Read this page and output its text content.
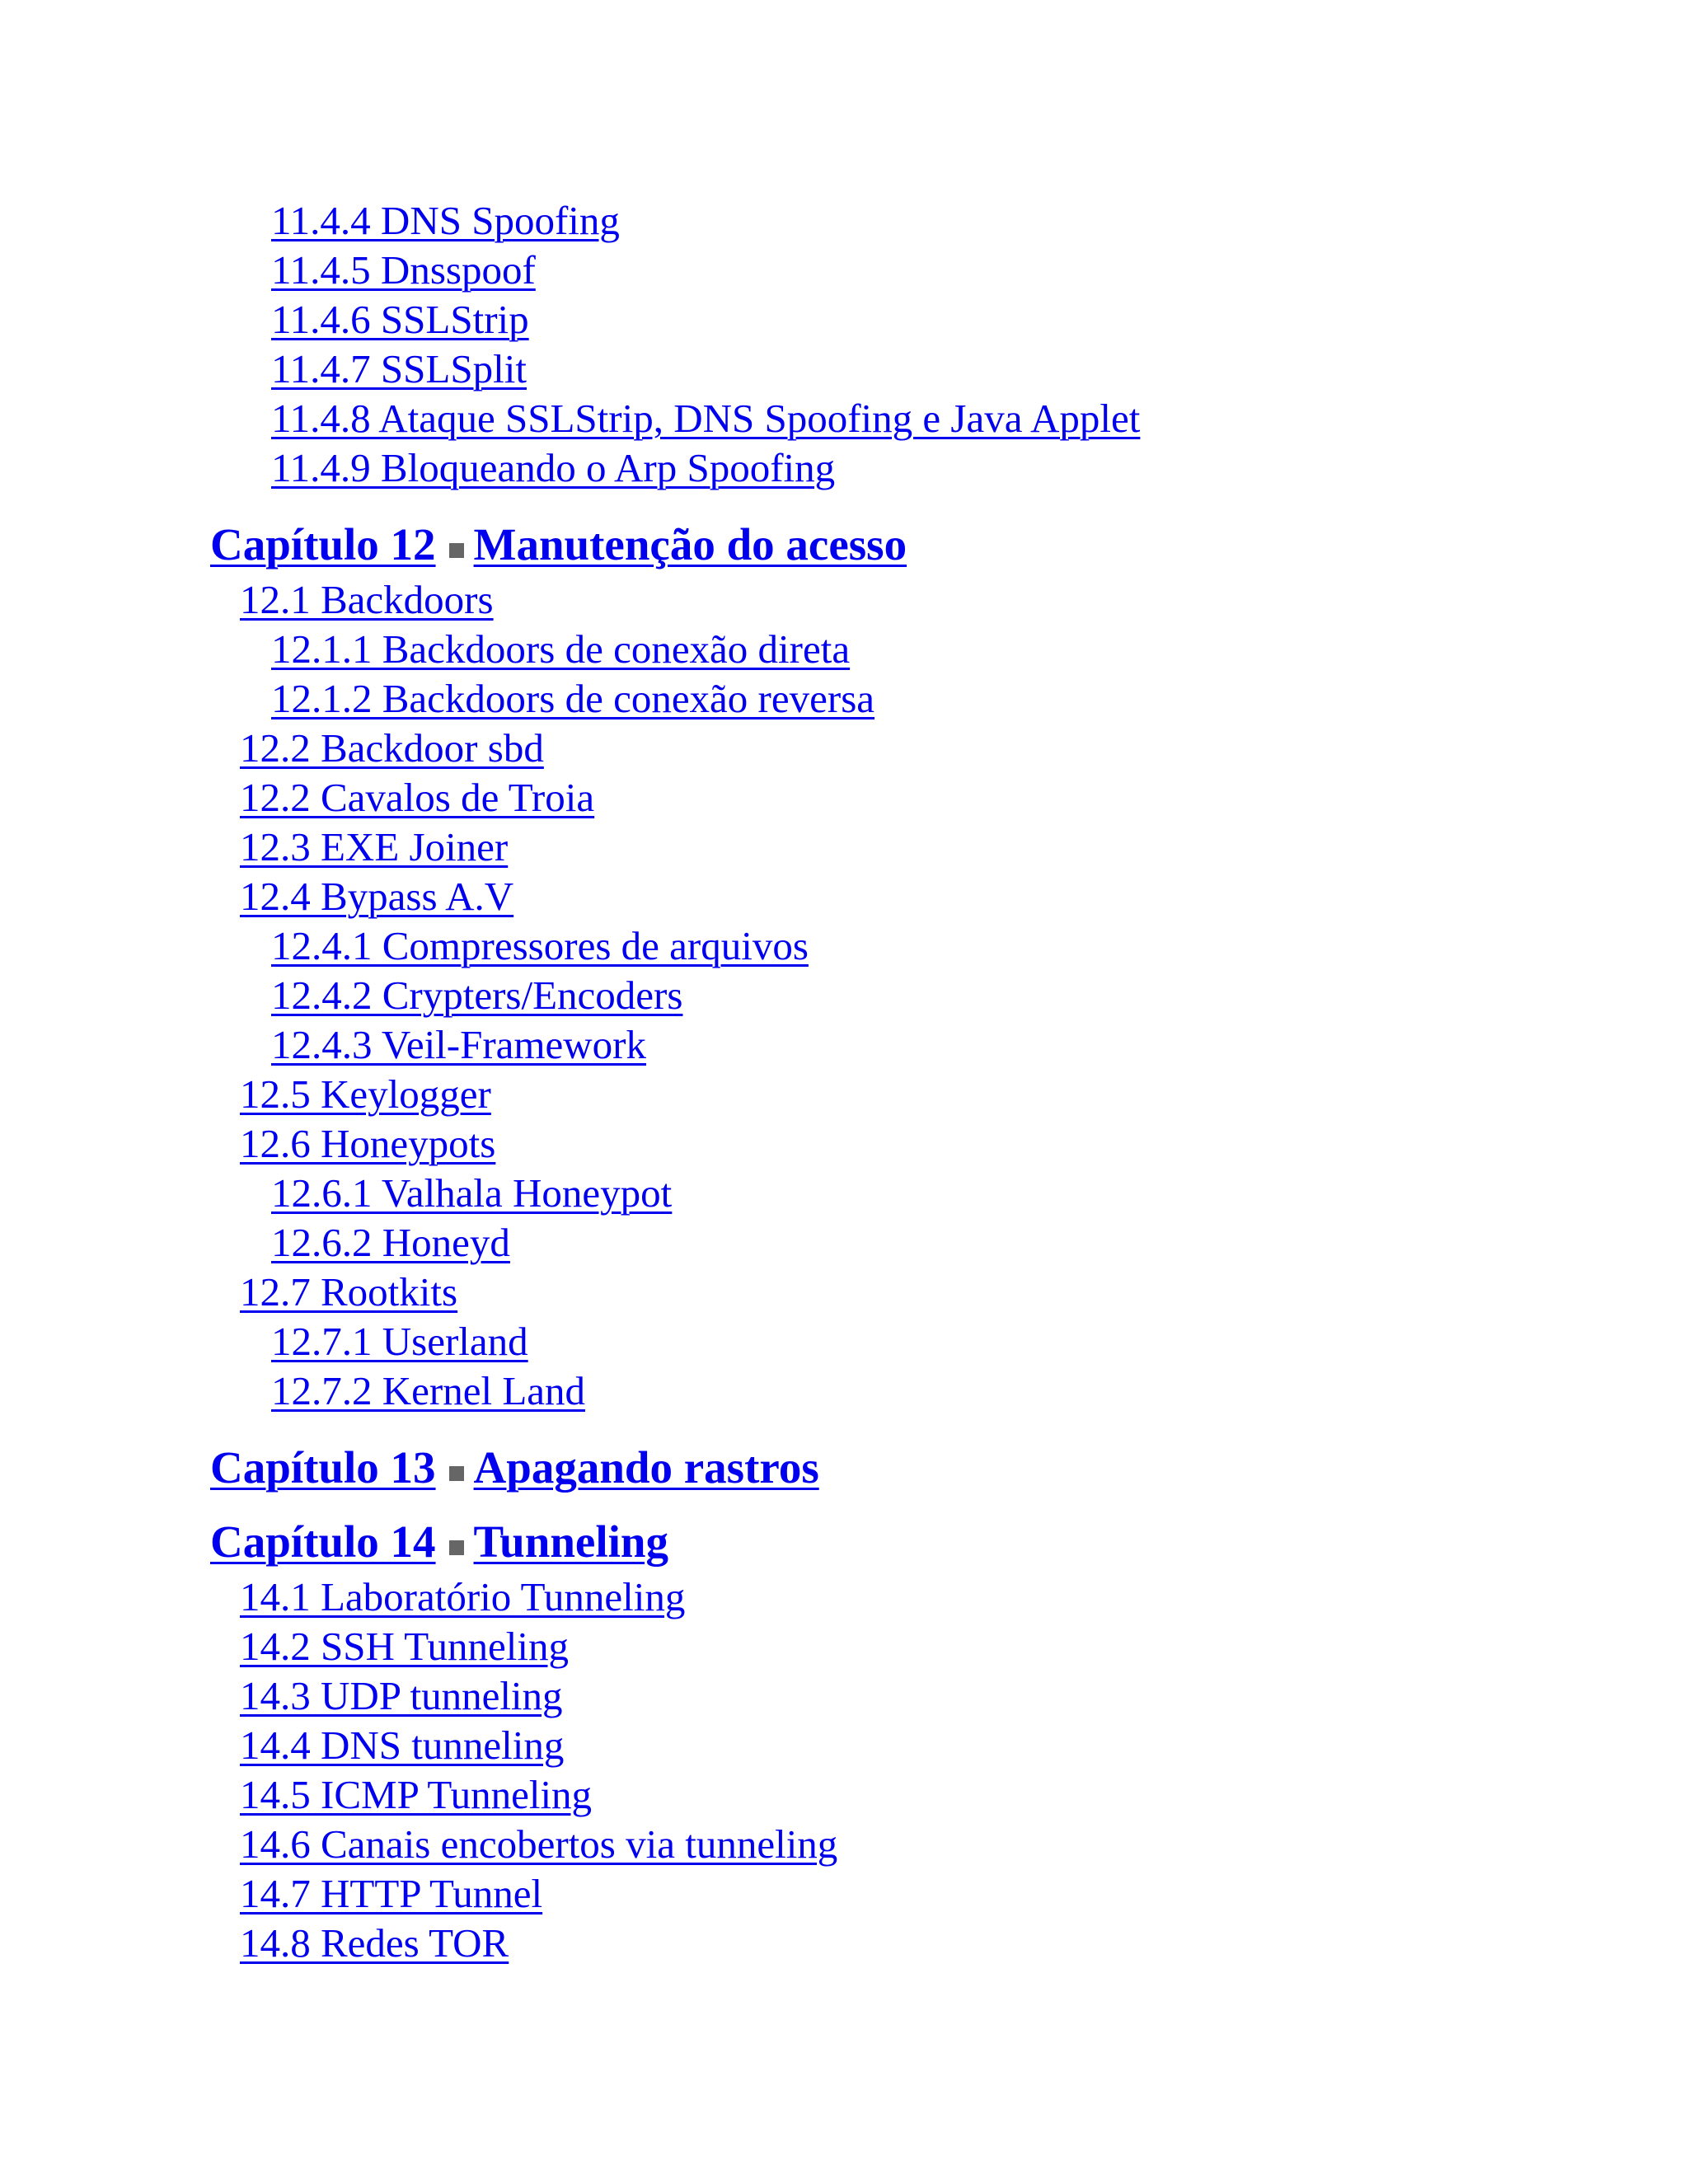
11.4.4 DNS Spoofing
11.4.5 Dnsspoof
11.4.6 SSLStrip
11.4.7 SSLSplit
11.4.8 Ataque SSLStrip, DNS Spoofing e Java Applet
11.4.9 Bloqueando o Arp Spoofing
Capítulo 12 Manutenção do acesso
12.1 Backdoors
12.1.1 Backdoors de conexão direta
12.1.2 Backdoors de conexão reversa
12.2 Backdoor sbd
12.2 Cavalos de Troia
12.3 EXE Joiner
12.4 Bypass A.V
12.4.1 Compressores de arquivos
12.4.2 Crypters/Encoders
12.4.3 Veil-Framework
12.5 Keylogger
12.6 Honeypots
12.6.1 Valhala Honeypot
12.6.2 Honeyd
12.7 Rootkits
12.7.1 Userland
12.7.2 Kernel Land
Capítulo 13 Apagando rastros
Capítulo 14 Tunneling
14.1 Laboratório Tunneling
14.2 SSH Tunneling
14.3 UDP tunneling
14.4 DNS tunneling
14.5 ICMP Tunneling
14.6 Canais encobertos via tunneling
14.7 HTTP Tunnel
14.8 Redes TOR
